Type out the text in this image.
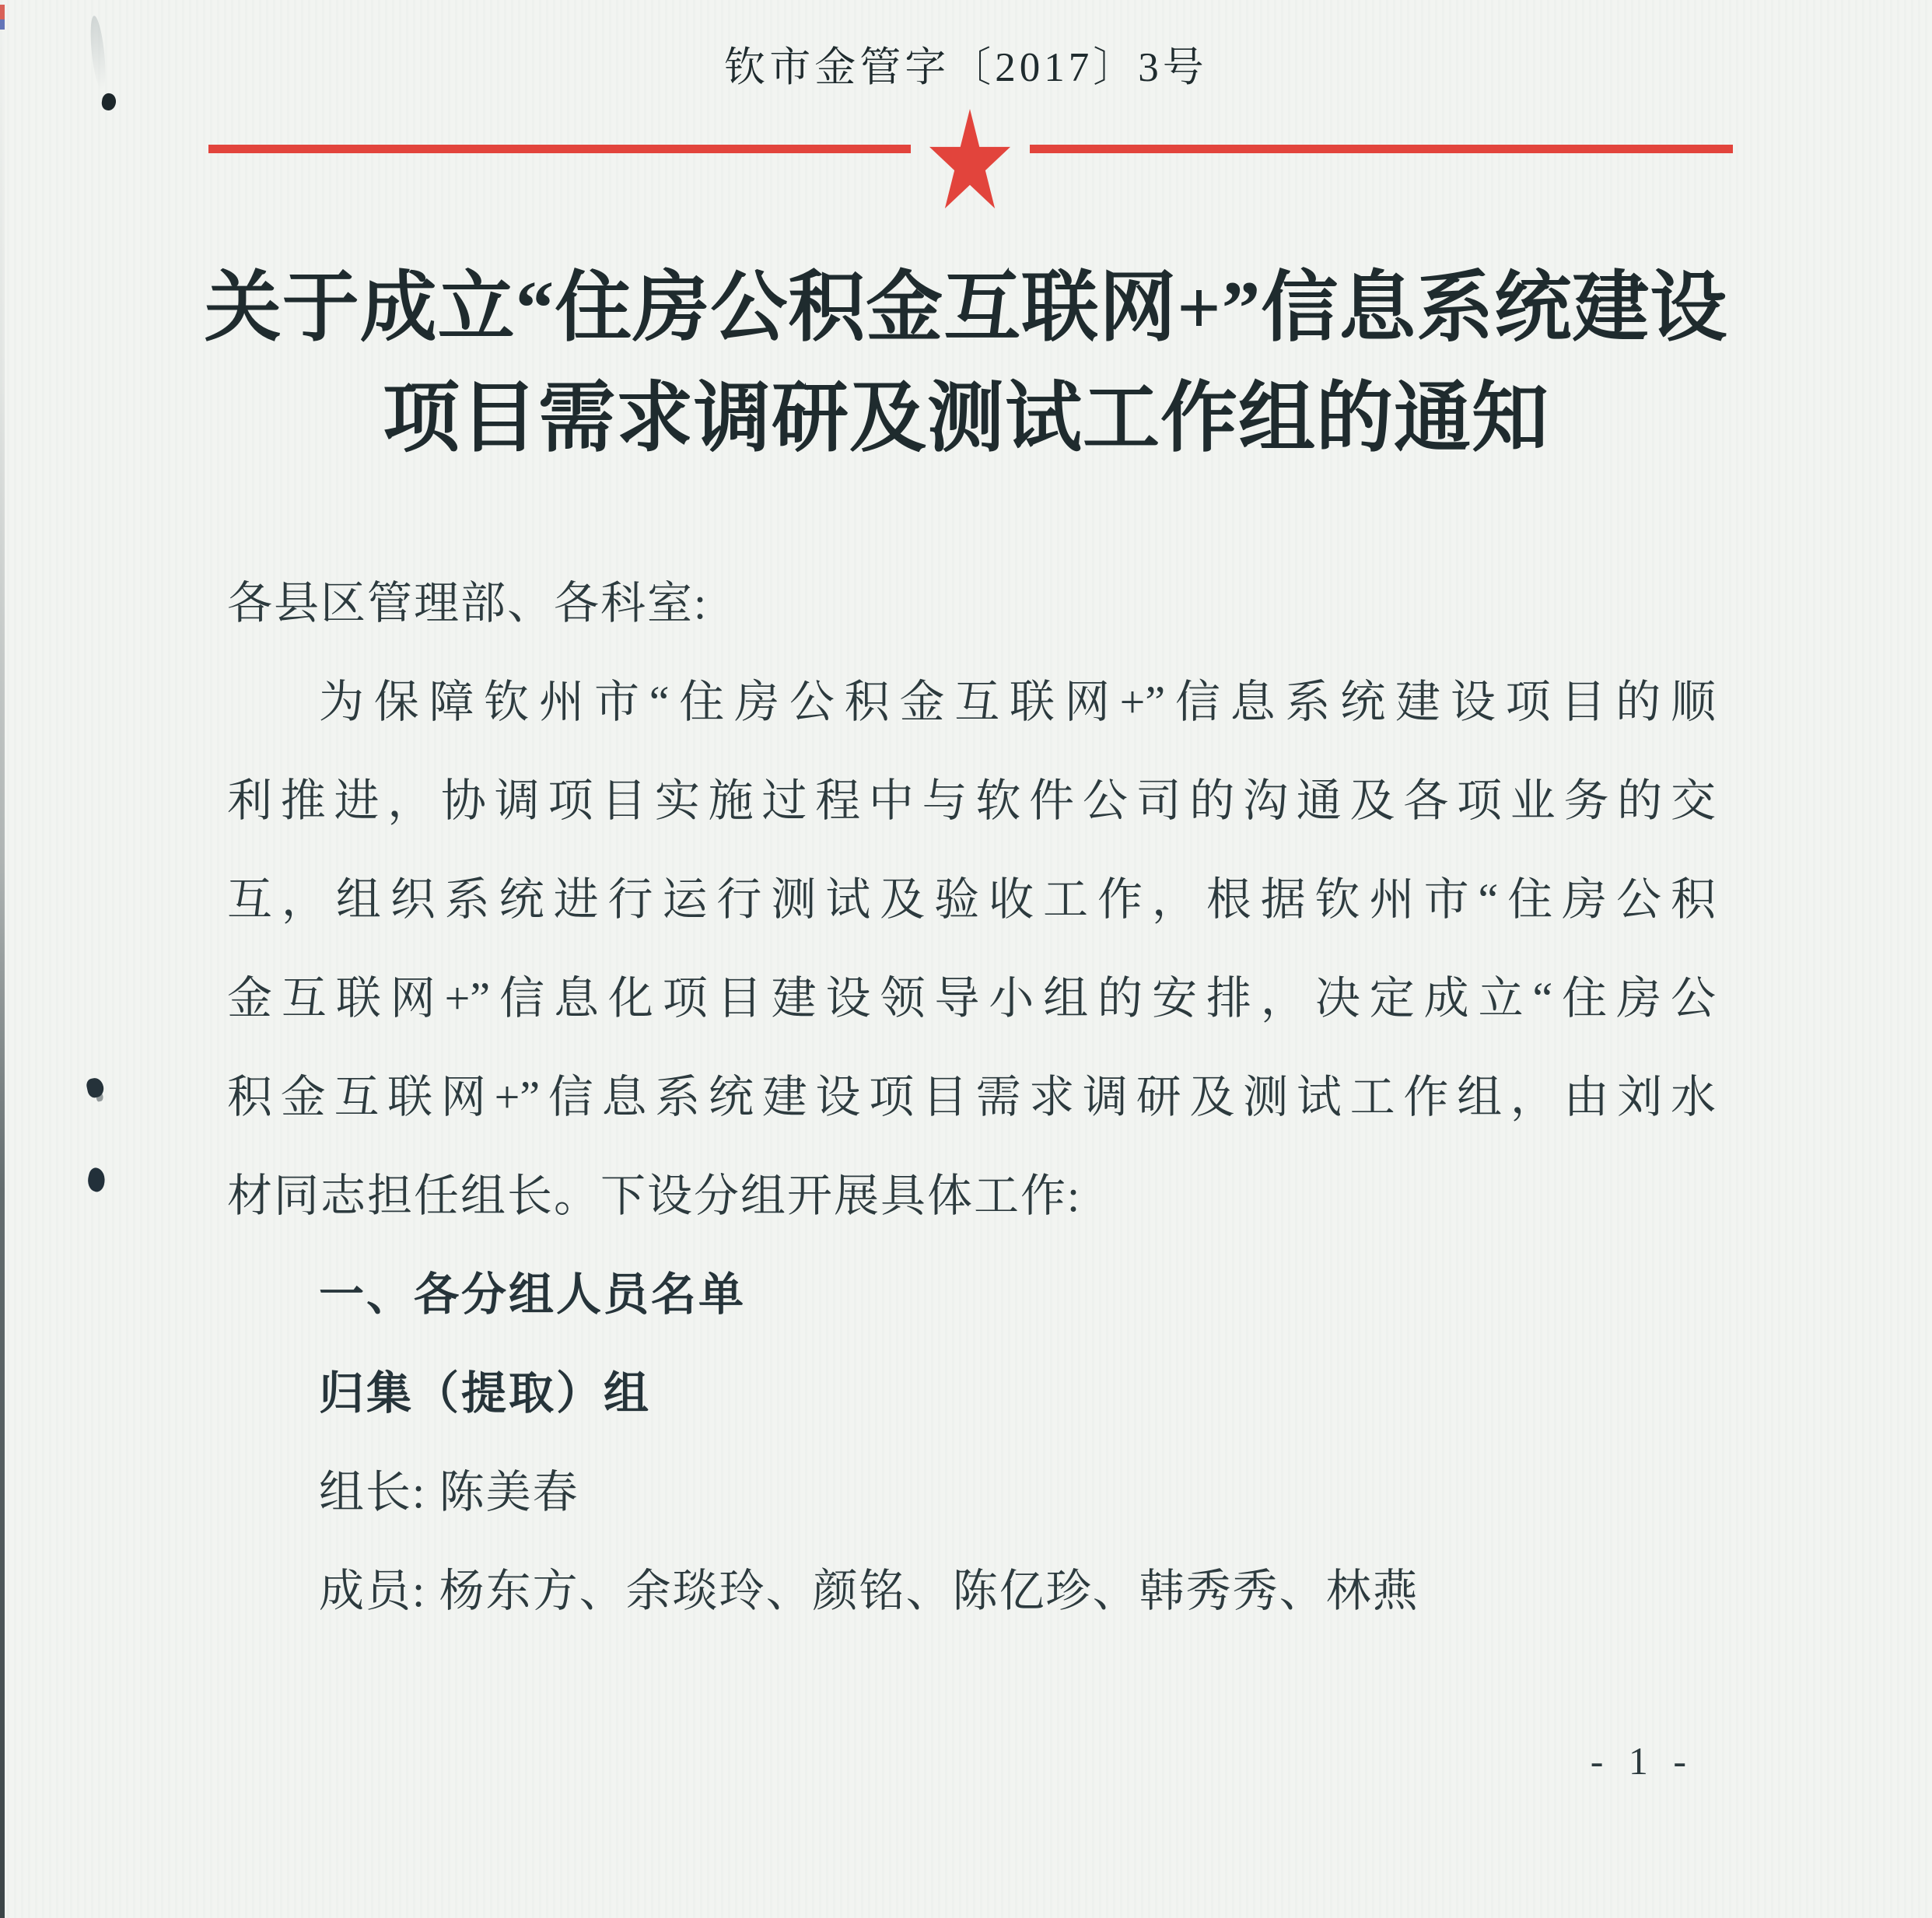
钦市金管字〔2017〕3号
关于成立“住房公积金互联网+”信息系统建设
项目需求调研及测试工作组的通知
各县区管理部、各科室:
为保障钦州市“住房公积金互联网+”信息系统建设项目的顺
利推进，协调项目实施过程中与软件公司的沟通及各项业务的交
互，组织系统进行运行测试及验收工作，根据钦州市“住房公积
金互联网+”信息化项目建设领导小组的安排，决定成立“住房公
积金互联网+”信息系统建设项目需求调研及测试工作组，由刘水
材同志担任组长。下设分组开展具体工作:
一、各分组人员名单
归集（提取）组
组长: 陈美春
成员: 杨东方、余琰玲、颜铭、陈亿珍、韩秀秀、林燕
- 1 -
